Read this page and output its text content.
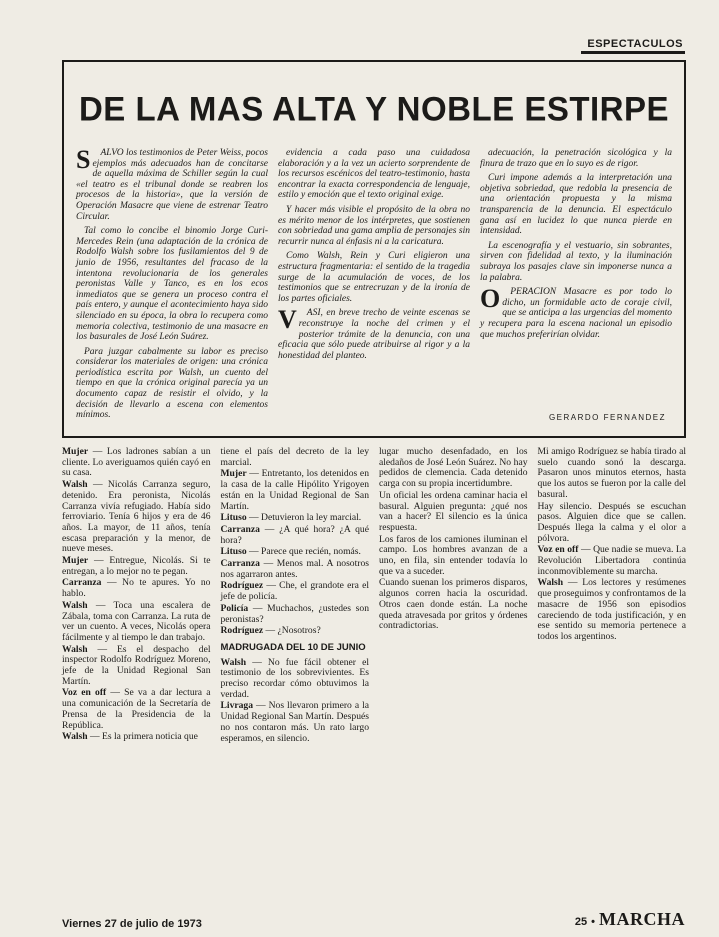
ESPECTACULOS
DE LA MAS ALTA Y NOBLE ESTIRPE
S	ALVO los testimonios de Peter Weiss, pocos ejemplos más adecuados han de concitarse de aquella máxima de Schiller según la cual «el teatro es el tribunal donde se reabren los procesos de la historia», que la versión de Operación Masacre que viene de estrenar Teatro Circular.

Tal como lo concibe el binomio Jorge Curi-Mercedes Rein (una adaptación de la crónica de Rodolfo Walsh sobre los fusilamientos del 9 de junio de 1956, resultantes del fracaso de la intentona revolucionaria de los generales peronistas Valle y Tanco, es en los ecos inmediatos que se genera un proceso contra el país entero, y aunque el acontecimiento haya sido silenciado en su época, la obra lo recupera como memoria colectiva, testimonio de una masacre en los basurales de José León Suárez.

Para juzgar cabalmente su labor es preciso considerar los materiales de origen: una crónica periodística escrita por Walsh, un cuento del tiempo en que la crónica original parecía ya un documento capaz de resistir el olvido, y la decisión de llevarlo a escena con elementos mínimos.

evidencia a cada paso una cuidadosa elaboración y a la vez un acierto sorprendente de los recursos escénicos del teatro-testimonio, hasta encontrar la exacta correspondencia de lenguaje, estilo y emoción que el texto original exige.

Y hacer más visible el propósito de la obra no es mérito menor de los intérpretes, que sostienen con sobriedad una gama amplia de personajes sin recurrir nunca al énfasis ni a la caricatura.

Como Walsh, Rein y Curi eligieron una estructura fragmentaria: el sentido de la tragedia surge de la acumulación de voces, de los testimonios que se entrecruzan y de la ironía de los partes oficiales.

V	ASI, en breve trecho de veinte escenas se reconstruye la noche del crimen y el posterior trámite de la denuncia, con una eficacia que sólo puede atribuirse al rigor y a la honestidad del planteo.

adecuación, la penetración sicológica y la finura de trazo que en lo suyo es de rigor.

Curi impone además a la interpretación una objetiva sobriedad, que redobla la presencia de una orientación propuesta y la misma transparencia de la denuncia. El espectáculo gana así en lucidez lo que nunca pierde en intensidad.

La escenografía y el vestuario, sin sobrantes, sirven con fidelidad al texto, y la iluminación subraya los pasajes clave sin imponerse nunca a la palabra.

O	PERACION Masacre es por todo lo dicho, un formidable acto de coraje civil, que se anticipa a las urgencias del momento y recupera para la escena nacional un episodio que muchos preferirían olvidar.

GERARDO FERNANDEZ

Mujer — Los ladrones sabían a un cliente. Lo averiguamos quién cayó en su casa.

Walsh — Nicolás Carranza seguro, detenido. Era peronista, Nicolás Carranza vivía refugiado. Había sido ferroviario. Tenía 6 hijos y era de 46 años. La mayor, de 11 años, tenía escasa preparación y la menor, de nueve meses.

Mujer — Entregue, Nicolás. Si te entregan, a lo mejor no te pegan.

Carranza — No te apures. Yo no hablo.

Walsh — Toca una escalera de Zábala, toma con Carranza. La ruta de ver un cuento. A veces, Nicolás opera fácilmente y al tiempo le dan trabajo.

Walsh — Es el despacho del inspector Rodolfo Rodríguez Moreno, jefe de la Unidad Regional San Martín.

Voz en off — Se va a dar lectura a una comunicación de la Secretaría de Prensa de la Presidencia de la República.

Walsh — Es la primera noticia que

tiene el país del decreto de la ley marcial.

Mujer — Entretanto, los detenidos en la casa de la calle Hipólito Yrigoyen están en la Unidad Regional de San Martín.

Lituso — Detuvieron la ley marcial.

Carranza — ¿A qué hora? ¿A qué hora?

Lituso — Parece que recién, nomás.

Carranza — Menos mal. A nosotros nos agarraron antes.

Rodríguez — Che, el grandote era el jefe de policía.

Policía — Muchachos, ¿ustedes son peronistas?

Rodríguez — ¿Nosotros?

MADRUGADA DEL 10 DE JUNIO

Walsh — No fue fácil obtener el testimonio de los sobrevivientes. Es preciso recordar cómo obtuvimos la verdad.

Livraga — Nos llevaron primero a la Unidad Regional San Martín. Después no nos contaron más. Un rato largo esperamos, en silencio.

lugar mucho desenfadado, en los aledaños de José León Suárez. No hay pedidos de clemencia. Cada detenido carga con su propia incertidumbre.

Un oficial les ordena caminar hacia el basural. Alguien pregunta: ¿qué nos van a hacer? El silencio es la única respuesta.

Los faros de los camiones iluminan el campo. Los hombres avanzan de a uno, en fila, sin entender todavía lo que va a suceder.

Cuando suenan los primeros disparos, algunos corren hacia la oscuridad. Otros caen donde están. La noche queda atravesada por gritos y órdenes contradictorias.

Mi amigo Rodríguez se había tirado al suelo cuando sonó la descarga. Pasaron unos minutos eternos, hasta que los autos se fueron por la calle del basural.

Hay silencio. Después se escuchan pasos. Alguien dice que se callen. Después llega la calma y el olor a pólvora.

Voz en off — Que nadie se mueva. La Revolución Libertadora continúa inconmoviblemente su marcha.

Walsh — Los lectores y resúmenes que proseguimos y confrontamos de la masacre de 1956 son episodios careciendo de toda justificación, y en ese sentido su memoria pertenece a todos los argentinos.

Viernes 27 de julio de 1973	25 • MARCHA
